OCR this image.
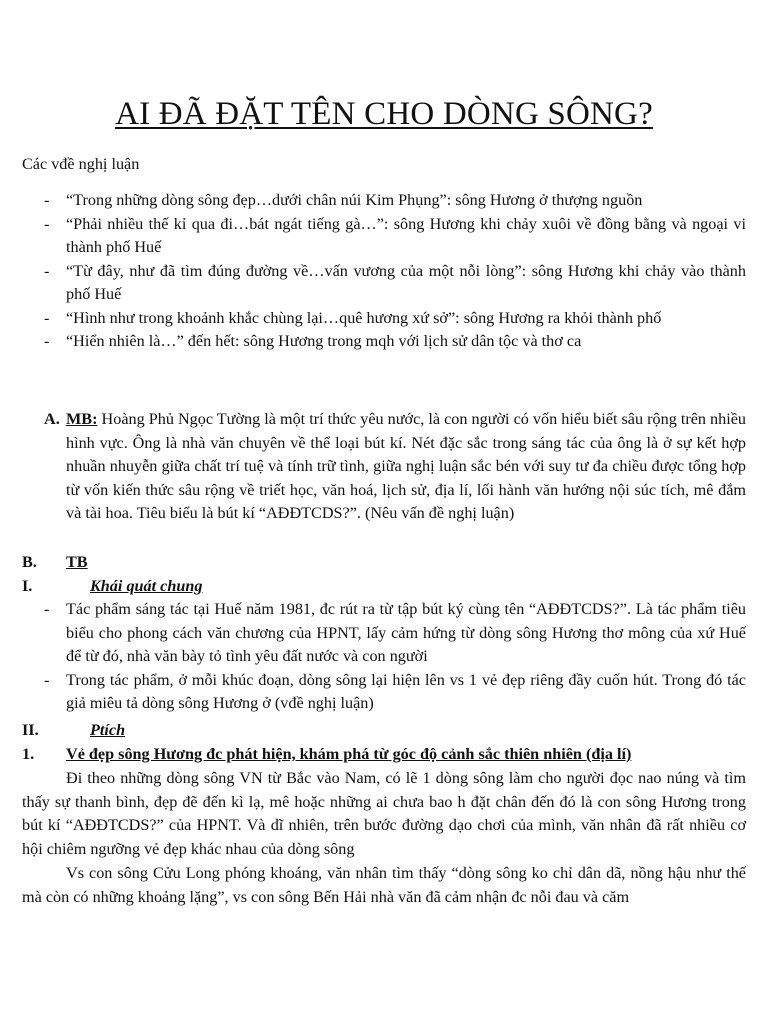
AI ĐÃ ĐẶT TÊN CHO DÒNG SÔNG?
Các vđề nghị luận
- “Trong những dòng sông đẹp…dưới chân núi Kim Phụng”: sông Hương ở thượng nguồn
- “Phải nhiều thế kỉ qua đi…bát ngát tiếng gà…”: sông Hương khi chảy xuôi về đồng bằng và ngoại vi thành phố Huế
- “Từ đây, như đã tìm đúng đường về…vấn vương của một nỗi lòng”: sông Hương khi chảy vào thành phố Huế
- “Hình như trong khoảnh khắc chùng lại…quê hương xứ sở”: sông Hương ra khỏi thành phố
- “Hiển nhiên là…” đến hết: sông Hương trong mqh với lịch sử dân tộc và thơ ca
A. MB: Hoàng Phủ Ngọc Tường là một trí thức yêu nước, là con người có vốn hiểu biết sâu rộng trên nhiều hình vực. Ông là nhà văn chuyên về thể loại bút kí. Nét đặc sắc trong sáng tác của ông là ở sự kết hợp nhuần nhuyễn giữa chất trí tuệ và tính trữ tình, giữa nghị luận sắc bén với suy tư đa chiều được tổng hợp từ vốn kiến thức sâu rộng về triết học, văn hoá, lịch sử, địa lí, lối hành văn hướng nội súc tích, mê đắm và tài hoa. Tiêu biểu là bút kí “AĐĐTCDS?”. (Nêu vấn đề nghị luận)
B. TB
I.	Khái quát chung
- Tác phẩm sáng tác tại Huế năm 1981, đc rút ra từ tập bút ký cùng tên “AĐĐTCDS?”. Là tác phẩm tiêu biểu cho phong cách văn chương của HPNT, lấy cảm hứng từ dòng sông Hương thơ mông của xứ Huế để từ đó, nhà văn bày tỏ tình yêu đất nước và con người
- Trong tác phẩm, ở mỗi khúc đoạn, dòng sông lại hiện lên vs 1 vẻ đẹp riêng đầy cuốn hút. Trong đó tác giả miêu tả dòng sông Hương ở (vđề nghị luận)
II.	Ptích
1. Vẻ đẹp sông Hương đc phát hiện, khám phá từ góc độ cảnh sắc thiên nhiên (địa lí)
Đi theo những dòng sông VN từ Bắc vào Nam, có lẽ 1 dòng sông làm cho người đọc nao núng và tìm thấy sự thanh bình, đẹp đẽ đến kì lạ, mê hoặc những ai chưa bao h đặt chân đến đó là con sông Hương trong bút kí “AĐĐTCDS?” của HPNT. Và dĩ nhiên, trên bước đường dạo chơi của mình, văn nhân đã rất nhiều cơ hội chiêm ngưỡng vẻ đẹp khác nhau của dòng sông
Vs con sông Cửu Long phóng khoáng, văn nhân tìm thấy “dòng sông ko chỉ dân dã, nồng hậu như thế mà còn có những khoảng lặng”, vs con sông Bến Hải nhà văn đã cảm nhận đc nỗi đau và căm
